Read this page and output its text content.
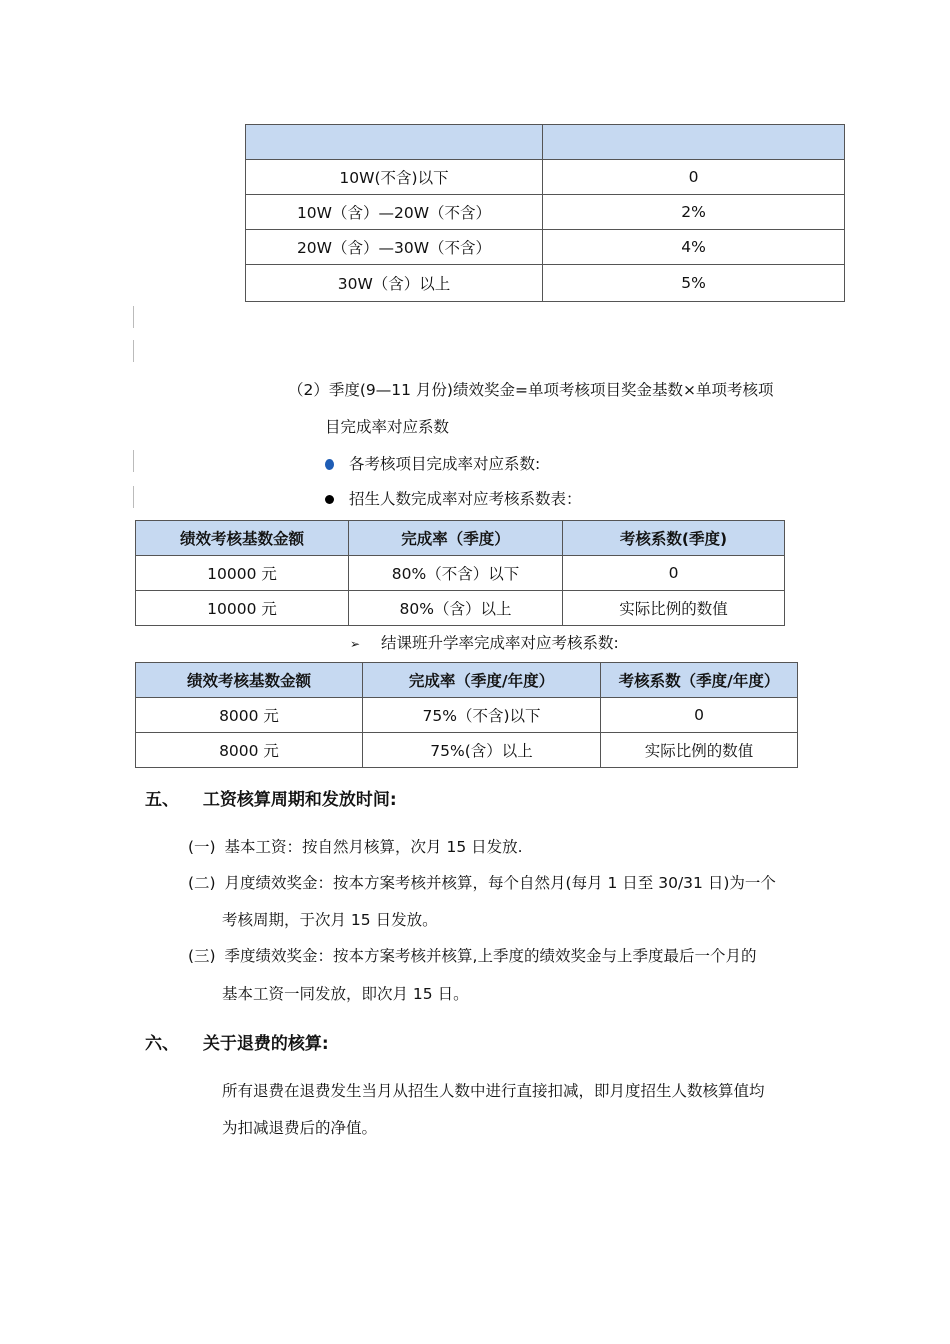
10W(不含)以下	0
10W（含）—20W（不含）	2%
20W（含）—30W（不含）	4%
30W（含）以上	5%
（2）季度(9—11 月份)绩效奖金=单项考核项目奖金基数×单项考核项
目完成率对应系数
各考核项目完成率对应系数:
招生人数完成率对应考核系数表：
绩效考核基数金额	完成率（季度）	考核系数(季度)
10000 元	80%（不含）以下	0
10000 元	80%（含）以上	实际比例的数值
➢ 结课班升学率完成率对应考核系数:
绩效考核基数金额	完成率（季度/年度）	考核系数（季度/年度）
8000 元	75%（不含)以下	0
8000 元	75%(含）以上	实际比例的数值
五、 工资核算周期和发放时间:
(一) 基本工资：按自然月核算，次月 15 日发放.
(二) 月度绩效奖金：按本方案考核并核算，每个自然月(每月 1 日至 30/31 日)为一个
考核周期，于次月 15 日发放。
(三) 季度绩效奖金：按本方案考核并核算,上季度的绩效奖金与上季度最后一个月的
基本工资一同发放，即次月 15 日。
六、 关于退费的核算:
所有退费在退费发生当月从招生人数中进行直接扣减，即月度招生人数核算值均
为扣减退费后的净值。
